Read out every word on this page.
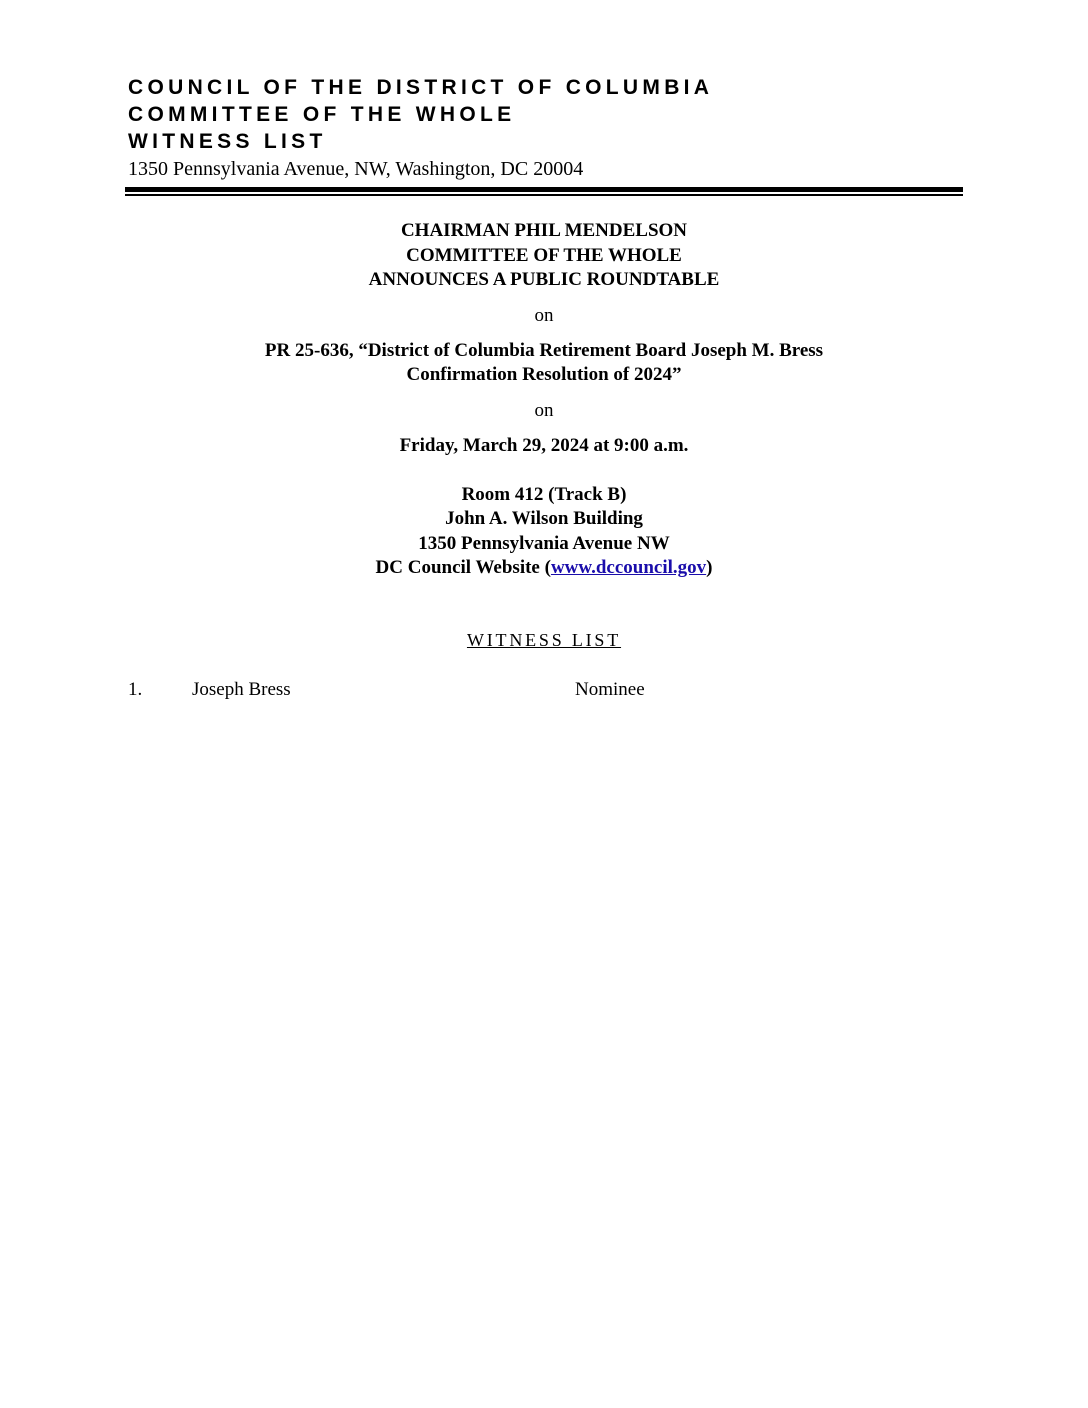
COUNCIL OF THE DISTRICT OF COLUMBIA
COMMITTEE OF THE WHOLE
WITNESS LIST
1350 Pennsylvania Avenue, NW, Washington, DC 20004
CHAIRMAN PHIL MENDELSON
COMMITTEE OF THE WHOLE
ANNOUNCES A PUBLIC ROUNDTABLE
on
PR 25-636, “District of Columbia Retirement Board Joseph M. Bress
Confirmation Resolution of 2024”
on
Friday, March 29, 2024 at 9:00 a.m.
Room 412 (Track B)
John A. Wilson Building
1350 Pennsylvania Avenue NW
DC Council Website (www.dccouncil.gov)
WITNESS LIST
1.	Joseph Bress	Nominee
